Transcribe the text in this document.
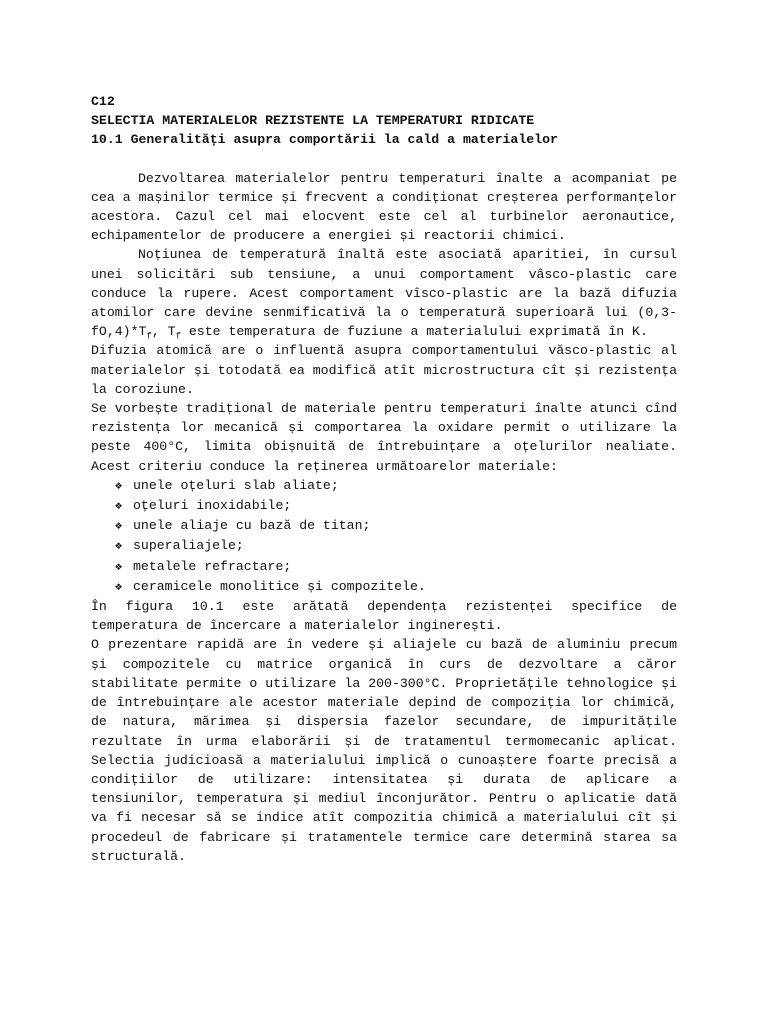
C12
SELECTIA MATERIALELOR REZISTENTE LA TEMPERATURI RIDICATE
10.1 Generalități asupra comportării la cald a materialelor

Dezvoltarea materialelor pentru temperaturi înalte a acompaniat pe cea a mașinilor termice și frecvent a condiționat creșterea performanțelor acestora. Cazul cel mai elocvent este cel al turbinelor aeronautice, echipamentelor de producere a energiei și reactorii chimici.

Noțiunea de temperatură înaltă este asociată aparitiei, în cursul unei solicitări sub tensiune, a unui comportament vâsco-plastic care conduce la rupere. Acest comportament vîsco-plastic are la bază difuzia atomilor care devine senmificativă la o temperatură superioară lui $(0,3-fO,4)*T_f$, $T_f$ este temperatura de fuziune a materialului exprimată în K.

Difuzia atomică are o influentă asupra comportamentului văsco-plastic al materialelor și totodată ea modifică atît microstructura cît și rezistența la coroziune.

Se vorbește tradițional de materiale pentru temperaturi înalte atunci cînd rezistența lor mecanică și comportarea la oxidare permit o utilizare la peste 400°C, limita obișnuită de întrebuințare a oțelurilor nealiate. Acest criteriu conduce la reținerea următoarelor materiale:

❖ unele oțeluri slab aliate;
❖ oțeluri inoxidabile;
❖ unele aliaje cu bază de titan;
❖ superaliajele;
❖ metalele refractare;
❖ ceramicele monolitice și compozitele.

În figura 10.1 este arătată dependența rezistenței specifice de temperatura de încercare a materialelor inginerești.

O prezentare rapidă are în vedere și aliajele cu bază de aluminiu precum și compozitele cu matrice organică în curs de dezvoltare a căror stabilitate permite o utilizare la 200-300°C. Proprietățile tehnologice și de întrebuințare ale acestor materiale depind de compoziția lor chimică, de natura, mărimea și dispersia fazelor secundare, de impuritățile rezultate în urma elaborării și de tratamentul termomecanic aplicat. Selectia judicioasă a materialului implică o cunoaștere foarte precisă a condițiilor de utilizare: intensitatea și durata de aplicare a tensiunilor, temperatura și mediul înconjurător. Pentru o aplicatie dată va fi necesar să se indice atît compozitia chimică a materialului cît și procedeul de fabricare și tratamentele termice care determină starea sa structurală.
